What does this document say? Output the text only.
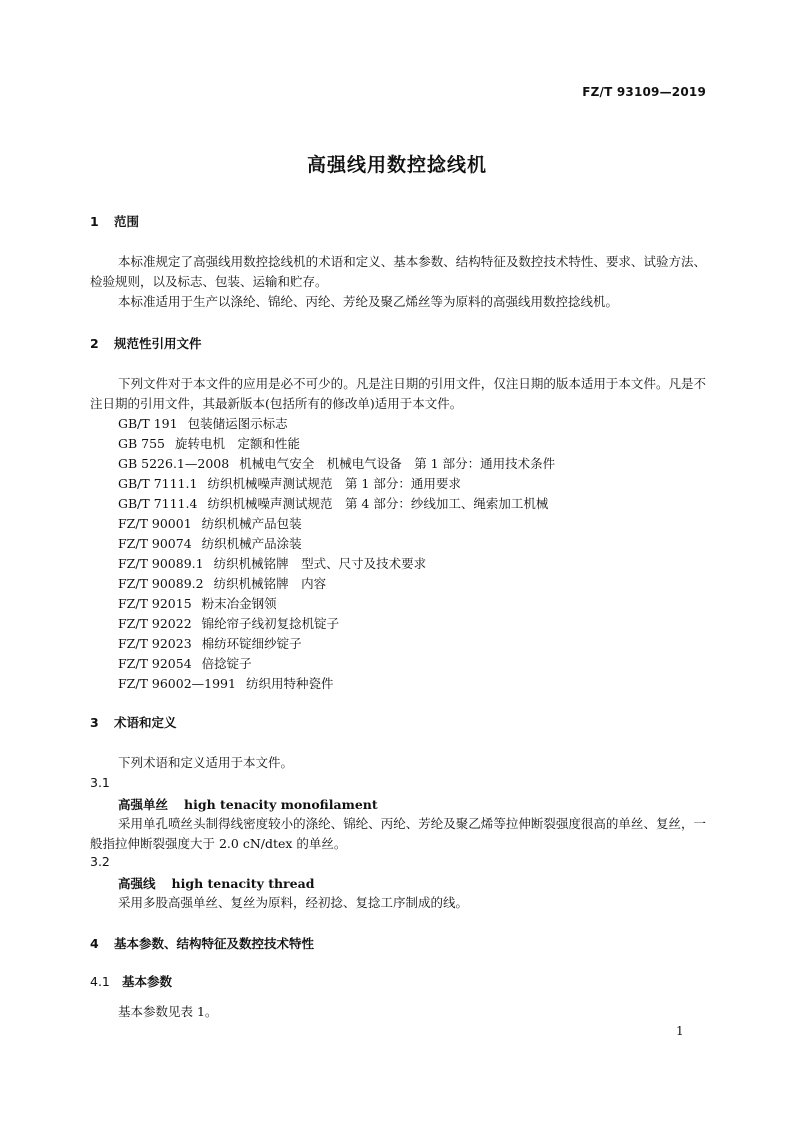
FZ/T 93109—2019
高强线用数控捻线机
1 范围
本标准规定了高强线用数控捻线机的术语和定义、基本参数、结构特征及数控技术特性、要求、试验方法、检验规则，以及标志、包装、运输和贮存。
本标准适用于生产以涤纶、锦纶、丙纶、芳纶及聚乙烯丝等为原料的高强线用数控捻线机。
2 规范性引用文件
下列文件对于本文件的应用是必不可少的。凡是注日期的引用文件，仅注日期的版本适用于本文件。凡是不注日期的引用文件，其最新版本(包括所有的修改单)适用于本文件。
GB/T 191 包装储运图示标志
GB 755 旋转电机　定额和性能
GB 5226.1—2008 机械电气安全　机械电气设备　第 1 部分：通用技术条件
GB/T 7111.1 纺织机械噪声测试规范　第 1 部分：通用要求
GB/T 7111.4 纺织机械噪声测试规范　第 4 部分：纱线加工、绳索加工机械
FZ/T 90001 纺织机械产品包装
FZ/T 90074 纺织机械产品涂装
FZ/T 90089.1 纺织机械铭牌　型式、尺寸及技术要求
FZ/T 90089.2 纺织机械铭牌　内容
FZ/T 92015 粉末冶金钢领
FZ/T 92022 锦纶帘子线初复捻机锭子
FZ/T 92023 棉纺环锭细纱锭子
FZ/T 92054 倍捻锭子
FZ/T 96002—1991 纺织用特种瓷件
3 术语和定义
下列术语和定义适用于本文件。
3.1
高强单丝 high tenacity monofilament
采用单孔喷丝头制得线密度较小的涤纶、锦纶、丙纶、芳纶及聚乙烯等拉伸断裂强度很高的单丝、复丝，一般指拉伸断裂强度大于 2.0 cN/dtex 的单丝。
3.2
高强线 high tenacity thread
采用多股高强单丝、复丝为原料，经初捻、复捻工序制成的线。
4 基本参数、结构特征及数控技术特性
4.1 基本参数
基本参数见表 1。
1
